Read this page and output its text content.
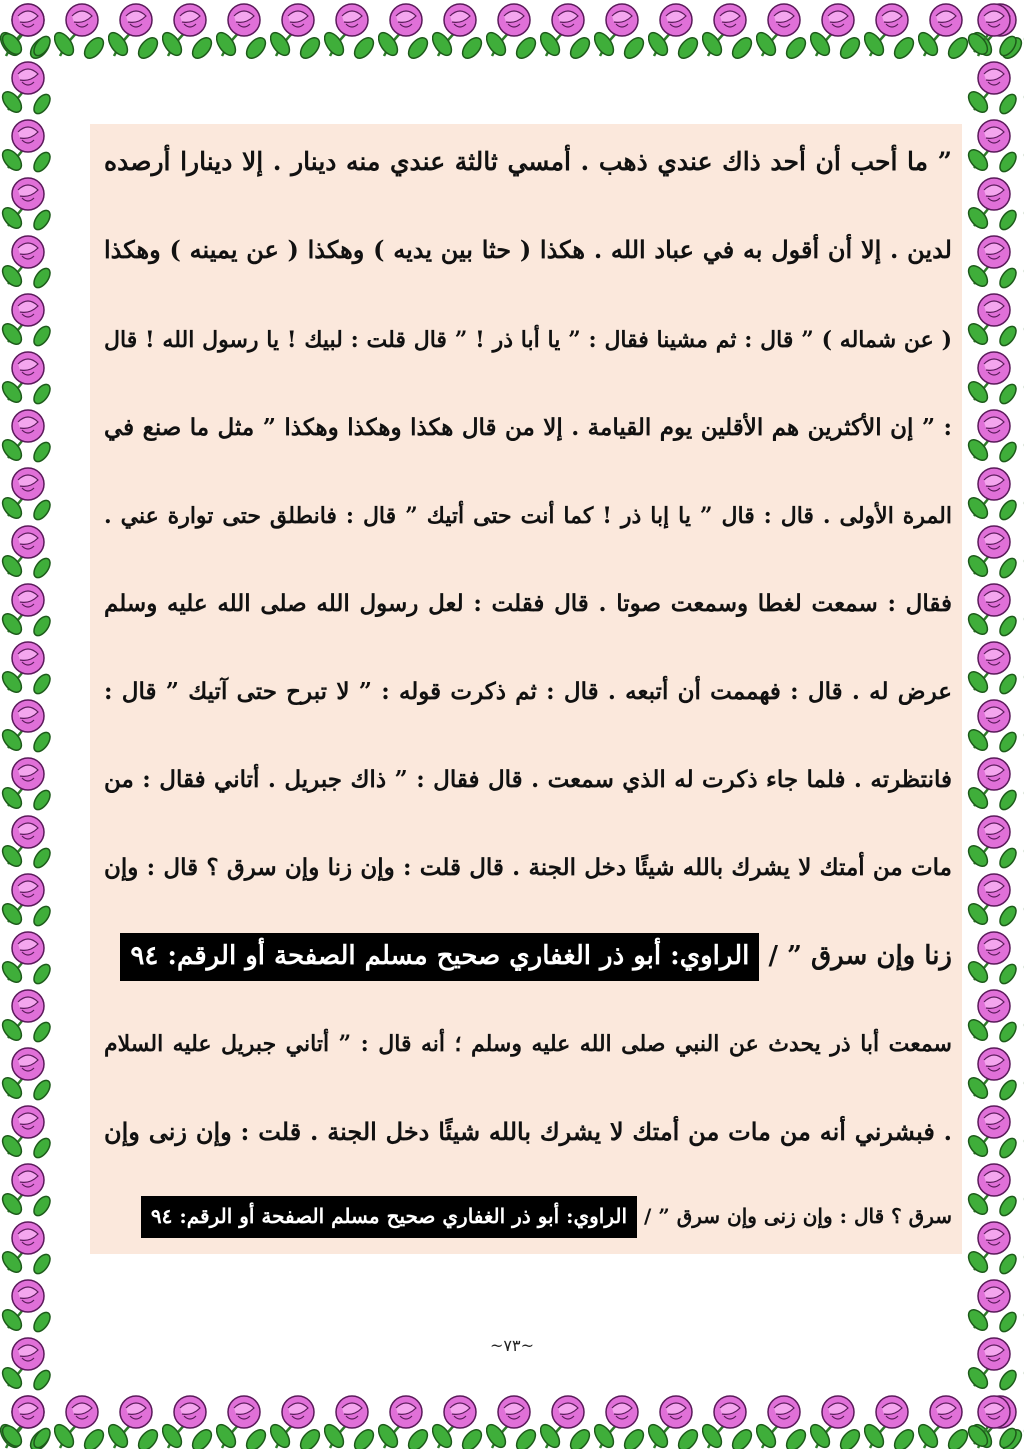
” ما أحب أن أحد ذاك عندي ذهب . أمسي ثالثة عندي منه دينار . إلا دينارا أرصده
لدين . إلا أن أقول به في عباد الله . هكذا ( حثا بين يديه ) وهكذا ( عن يمينه ) وهكذا
( عن شماله ) ” قال : ثم مشينا فقال : ” يا أبا ذر ! ” قال قلت : لبيك ! يا رسول الله ! قال
: ” إن الأكثرين هم الأقلين يوم القيامة . إلا من قال هكذا وهكذا وهكذا ” مثل ما صنع في
المرة الأولى . قال : قال ” يا إبا ذر ! كما أنت حتى أتيك ” قال : فانطلق حتى توارة عني .
فقال : سمعت لغطا وسمعت صوتا . قال فقلت : لعل رسول الله صلى الله عليه وسلم
عرض له . قال : فهممت أن أتبعه . قال : ثم ذكرت قوله : ” لا تبرح حتى آتيك ” قال :
فانتظرته . فلما جاء ذكرت له الذي سمعت . قال فقال : ” ذاك جبريل . أتاني فقال : من
مات من أمتك لا يشرك بالله شيئًا دخل الجنة . قال قلت : وإن زنا وإن سرق ؟ قال : وإن
زنا وإن سرق ” / الراوي: أبو ذر الغفاري صحيح مسلم الصفحة أو الرقم: ٩٤
سمعت أبا ذر يحدث عن النبي صلى الله عليه وسلم ؛ أنه قال : ” أتاني جبريل عليه السلام
. فبشرني أنه من مات من أمتك لا يشرك بالله شيئًا دخل الجنة . قلت : وإن زنى وإن
سرق ؟ قال : وإن زنى وإن سرق ” / الراوي: أبو ذر الغفاري صحيح مسلم الصفحة أو الرقم: ٩٤
~٧٣~
